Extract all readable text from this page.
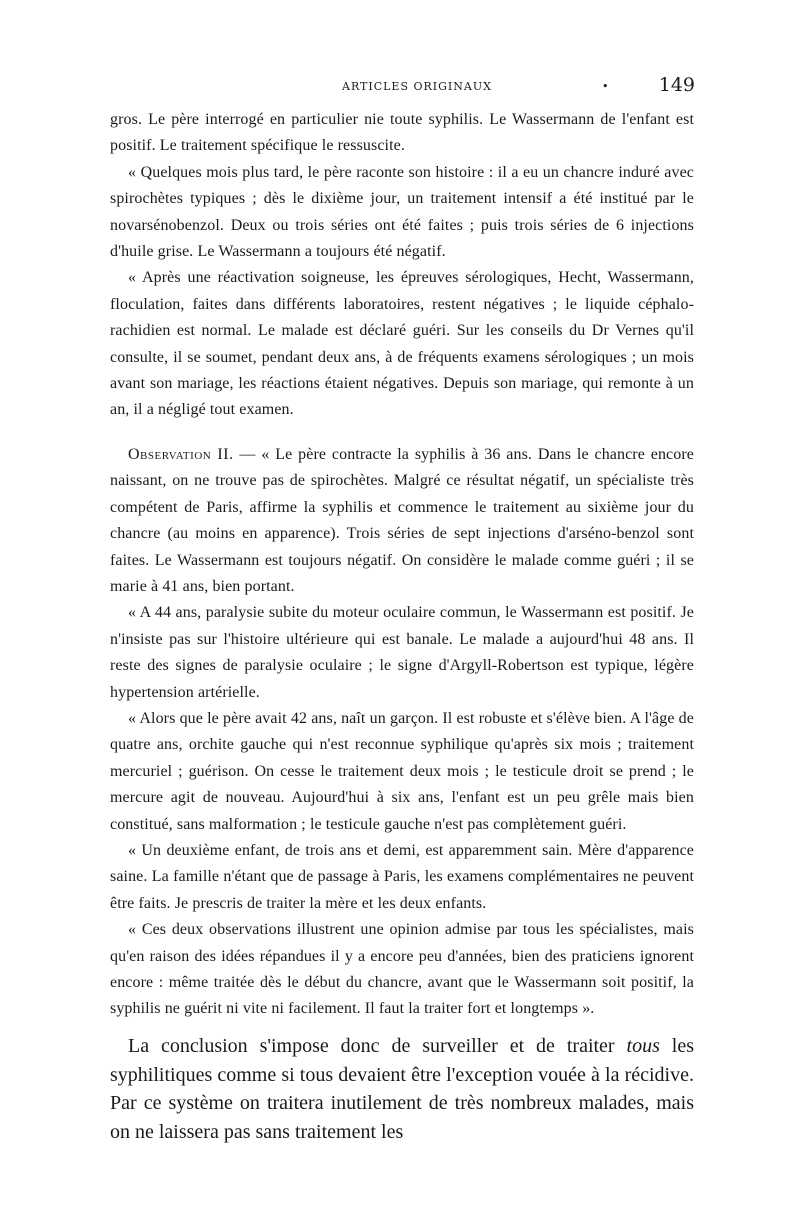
ARTICLES ORIGINAUX	•	149

gros. Le père interrogé en particulier nie toute syphilis. Le Wassermann de l'enfant est positif. Le traitement spécifique le ressuscite.

« Quelques mois plus tard, le père raconte son histoire : il a eu un chancre induré avec spirochètes typiques ; dès le dixième jour, un traitement intensif a été institué par le novarsénobenzol. Deux ou trois séries ont été faites ; puis trois séries de 6 injections d'huile grise. Le Wassermann a toujours été négatif.

« Après une réactivation soigneuse, les épreuves sérologiques, Hecht, Wassermann, floculation, faites dans différents laboratoires, restent négatives ; le liquide céphalo-rachidien est normal. Le malade est déclaré guéri. Sur les conseils du Dr Vernes qu'il consulte, il se soumet, pendant deux ans, à de fréquents examens sérologiques ; un mois avant son mariage, les réactions étaient négatives. Depuis son mariage, qui remonte à un an, il a négligé tout examen.

Observation II. — « Le père contracte la syphilis à 36 ans. Dans le chancre encore naissant, on ne trouve pas de spirochètes. Malgré ce résultat négatif, un spécialiste très compétent de Paris, affirme la syphilis et commence le traitement au sixième jour du chancre (au moins en apparence). Trois séries de sept injections d'arséno-benzol sont faites. Le Wassermann est toujours négatif. On considère le malade comme guéri ; il se marie à 41 ans, bien portant.

« A 44 ans, paralysie subite du moteur oculaire commun, le Wassermann est positif. Je n'insiste pas sur l'histoire ultérieure qui est banale. Le malade a aujourd'hui 48 ans. Il reste des signes de paralysie oculaire ; le signe d'Argyll-Robertson est typique, légère hypertension artérielle.

« Alors que le père avait 42 ans, naît un garçon. Il est robuste et s'élève bien. A l'âge de quatre ans, orchite gauche qui n'est reconnue syphilique qu'après six mois ; traitement mercuriel ; guérison. On cesse le traitement deux mois ; le testicule droit se prend ; le mercure agit de nouveau. Aujourd'hui à six ans, l'enfant est un peu grêle mais bien constitué, sans malformation ; le testicule gauche n'est pas complètement guéri.

« Un deuxième enfant, de trois ans et demi, est apparemment sain. Mère d'apparence saine. La famille n'étant que de passage à Paris, les examens complémentaires ne peuvent être faits. Je prescris de traiter la mère et les deux enfants.

« Ces deux observations illustrent une opinion admise par tous les spécialistes, mais qu'en raison des idées répandues il y a encore peu d'années, bien des praticiens ignorent encore : même traitée dès le début du chancre, avant que le Wassermann soit positif, la syphilis ne guérit ni vite ni facilement. Il faut la traiter fort et longtemps ».

La conclusion s'impose donc de surveiller et de traiter tous les syphilitiques comme si tous devaient être l'exception vouée à la récidive. Par ce système on traitera inutilement de très nombreux malades, mais on ne laissera pas sans traitement les
